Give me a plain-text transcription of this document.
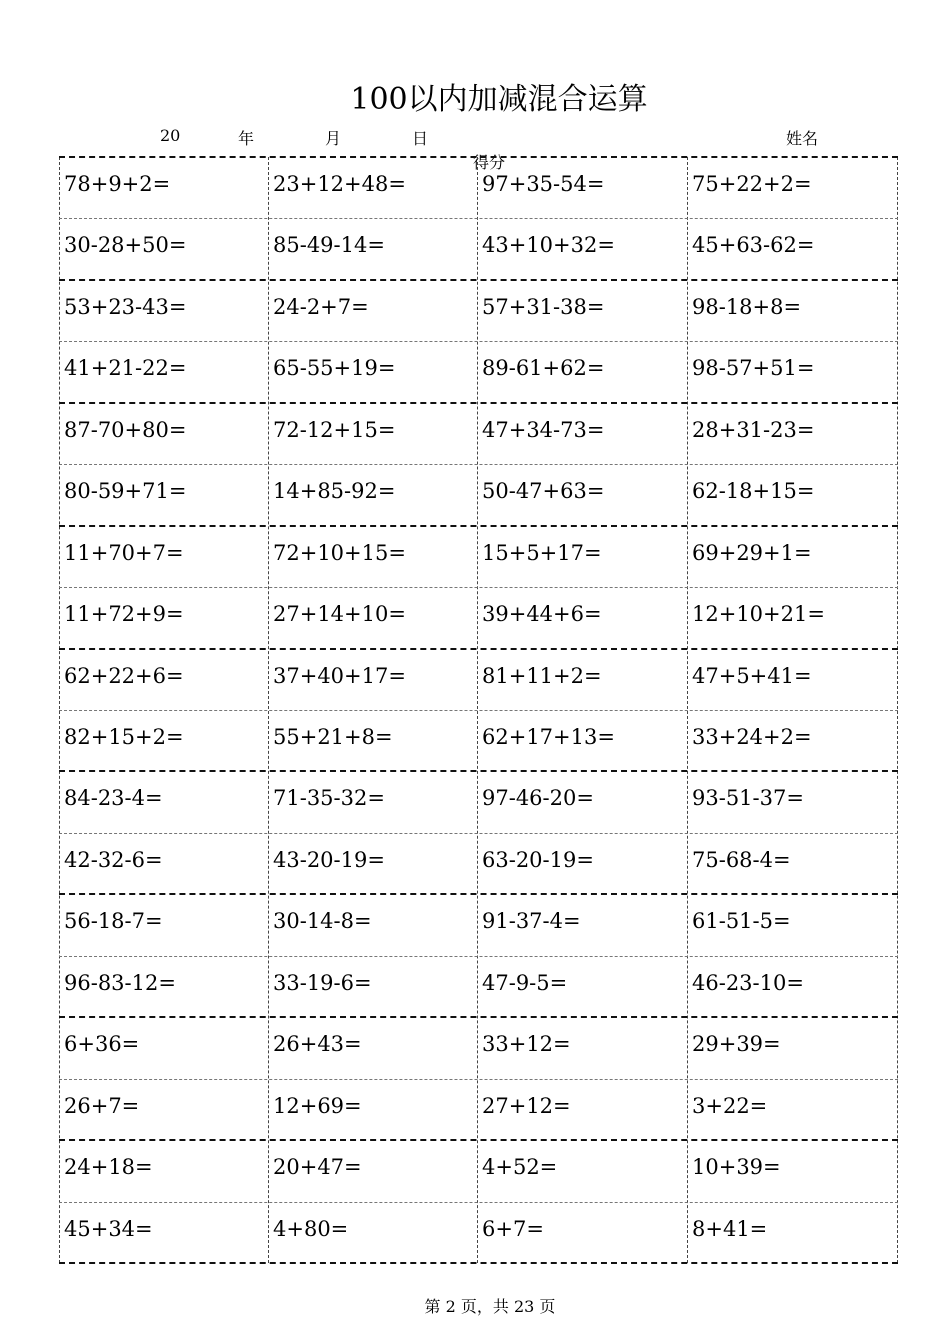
100以内加减混合运算
20	年	月	日	姓名
得分
78+9+2=	23+12+48=	97+35-54=	75+22+2=
30-28+50=	85-49-14=	43+10+32=	45+63-62=
53+23-43=	24-2+7=	57+31-38=	98-18+8=
41+21-22=	65-55+19=	89-61+62=	98-57+51=
87-70+80=	72-12+15=	47+34-73=	28+31-23=
80-59+71=	14+85-92=	50-47+63=	62-18+15=
11+70+7=	72+10+15=	15+5+17=	69+29+1=
11+72+9=	27+14+10=	39+44+6=	12+10+21=
62+22+6=	37+40+17=	81+11+2=	47+5+41=
82+15+2=	55+21+8=	62+17+13=	33+24+2=
84-23-4=	71-35-32=	97-46-20=	93-51-37=
42-32-6=	43-20-19=	63-20-19=	75-68-4=
56-18-7=	30-14-8=	91-37-4=	61-51-5=
96-83-12=	33-19-6=	47-9-5=	46-23-10=
6+36=	26+43=	33+12=	29+39=
26+7=	12+69=	27+12=	3+22=
24+18=	20+47=	4+52=	10+39=
45+34=	4+80=	6+7=	8+41=
第 2 页，共 23 页
